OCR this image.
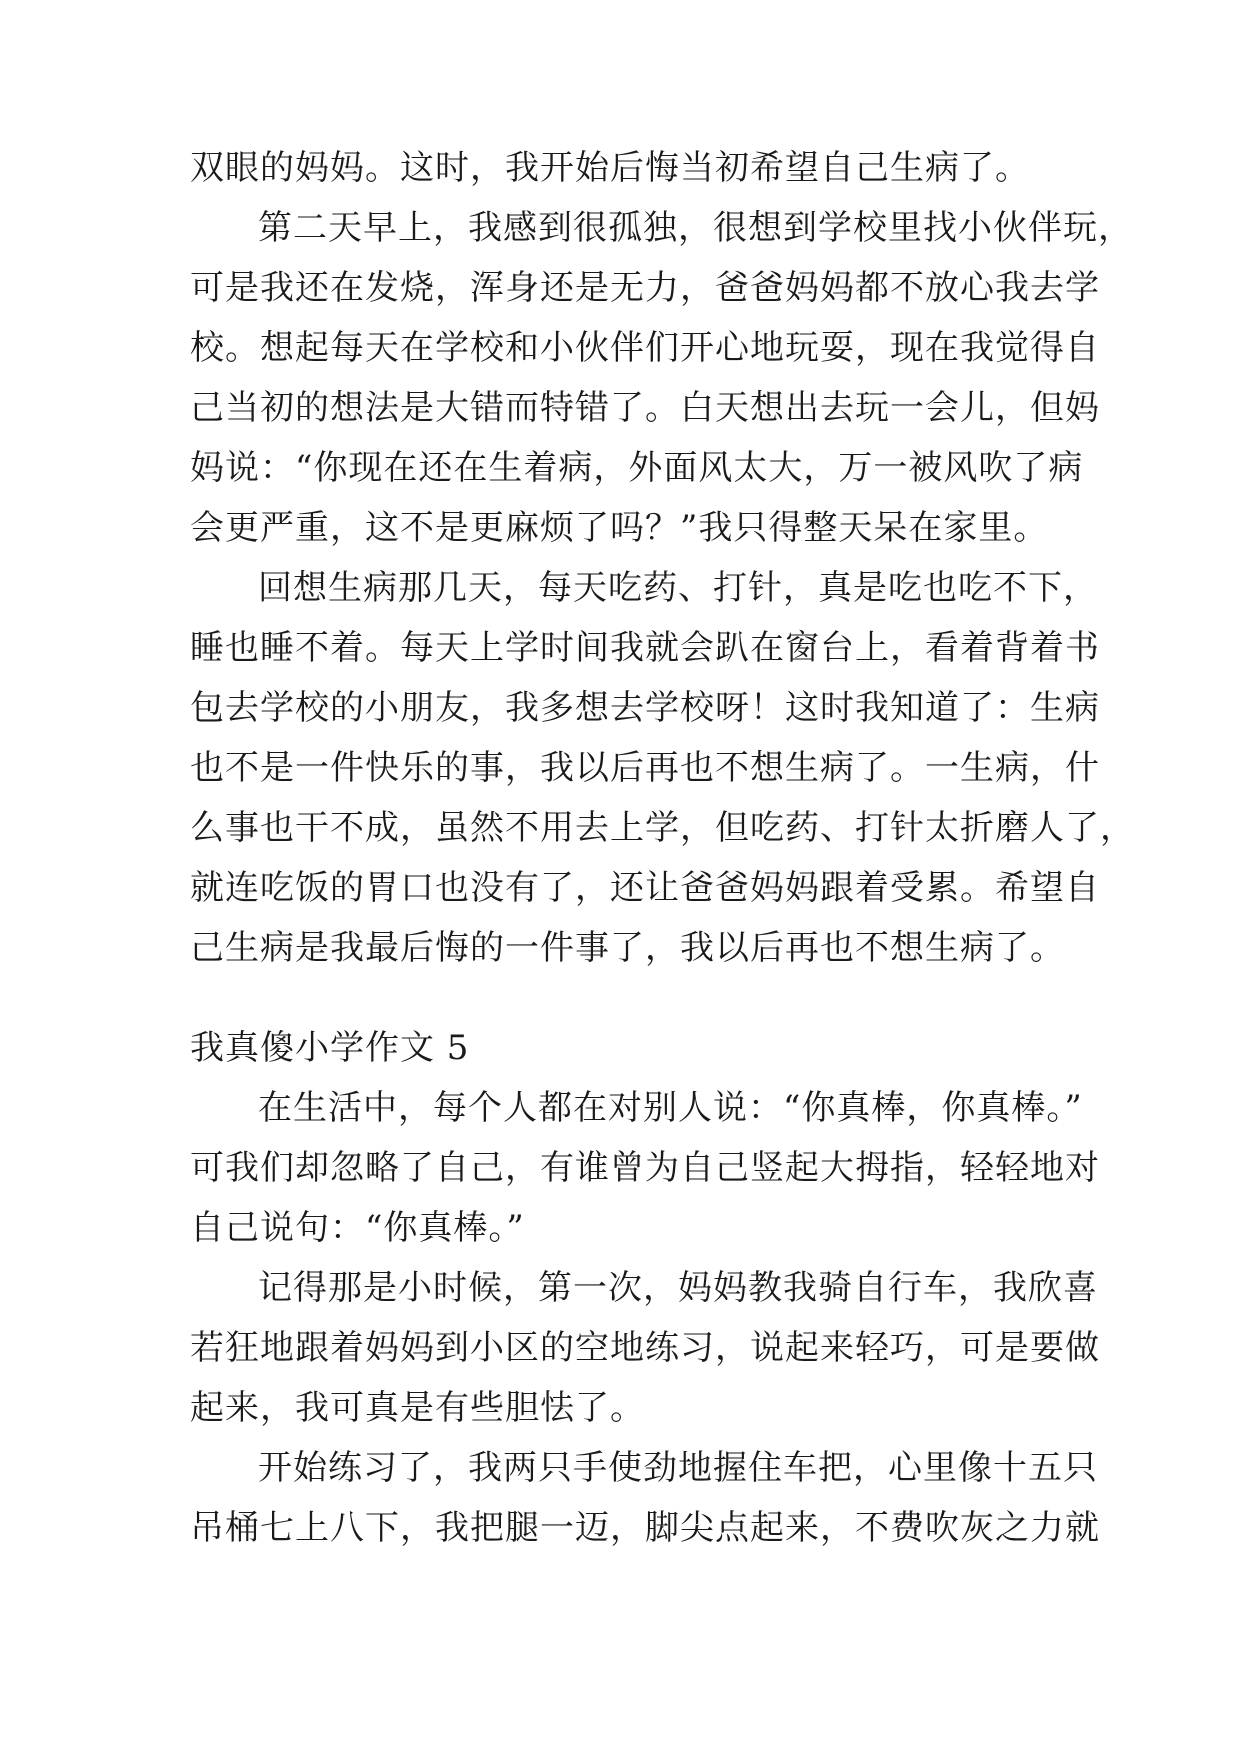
双眼的妈妈。这时，我开始后悔当初希望自己生病了。
第二天早上，我感到很孤独，很想到学校里找小伙伴玩，
可是我还在发烧，浑身还是无力，爸爸妈妈都不放心我去学
校。想起每天在学校和小伙伴们开心地玩耍，现在我觉得自
己当初的想法是大错而特错了。白天想出去玩一会儿，但妈
妈说：“你现在还在生着病，外面风太大，万一被风吹了病
会更严重，这不是更麻烦了吗？”我只得整天呆在家里。
回想生病那几天，每天吃药、打针，真是吃也吃不下，
睡也睡不着。每天上学时间我就会趴在窗台上，看着背着书
包去学校的小朋友，我多想去学校呀！这时我知道了：生病
也不是一件快乐的事，我以后再也不想生病了。一生病，什
么事也干不成，虽然不用去上学，但吃药、打针太折磨人了，
就连吃饭的胃口也没有了，还让爸爸妈妈跟着受累。希望自
己生病是我最后悔的一件事了，我以后再也不想生病了。
我真傻小学作文 5
在生活中，每个人都在对别人说：“你真棒，你真棒。”
可我们却忽略了自己，有谁曾为自己竖起大拇指，轻轻地对
自己说句：“你真棒。”
记得那是小时候，第一次，妈妈教我骑自行车，我欣喜
若狂地跟着妈妈到小区的空地练习，说起来轻巧，可是要做
起来，我可真是有些胆怯了。
开始练习了，我两只手使劲地握住车把，心里像十五只
吊桶七上八下，我把腿一迈，脚尖点起来，不费吹灰之力就
